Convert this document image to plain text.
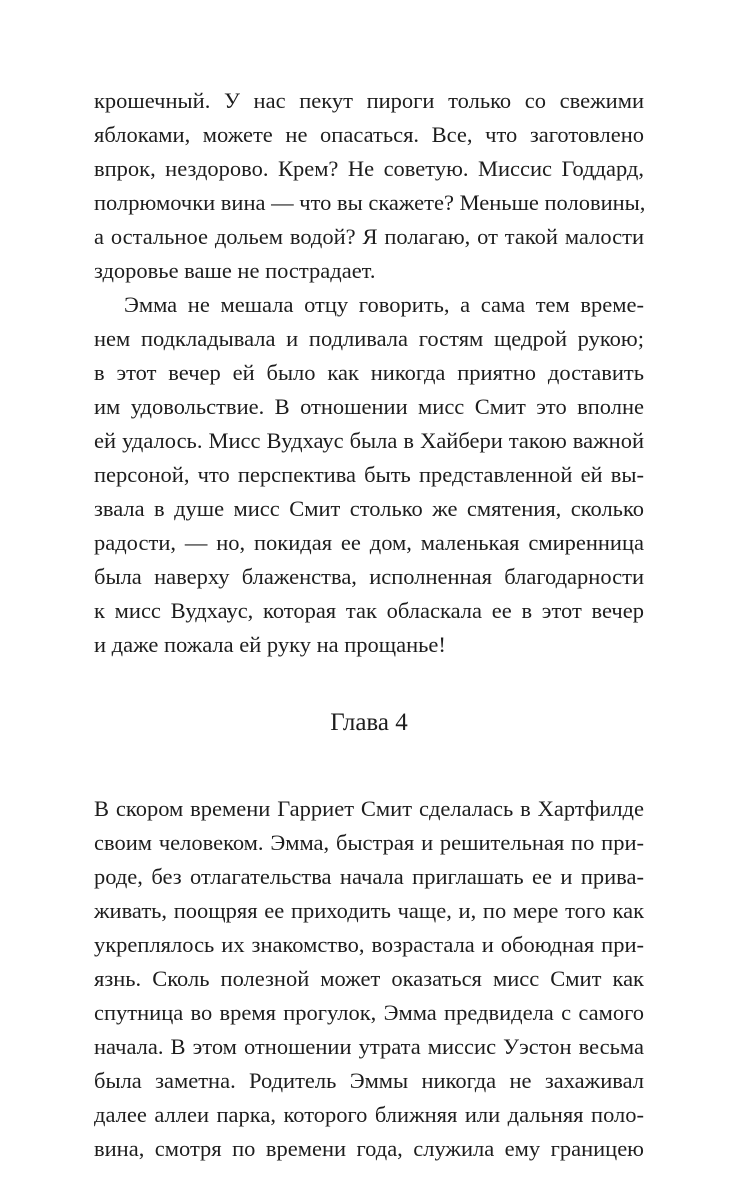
крошечный. У нас пекут пироги только со свежими
яблоками, можете не опасаться. Все, что заготовлено
впрок, нездорово. Крем? Не советую. Миссис Годдард,
полрюмочки вина — что вы скажете? Меньше половины,
а остальное дольем водой? Я полагаю, от такой малости
здоровье ваше не пострадает.
Эмма не мешала отцу говорить, а сама тем време-
нем подкладывала и подливала гостям щедрой рукою;
в этот вечер ей было как никогда приятно доставить
им удовольствие. В отношении мисс Смит это вполне
ей удалось. Мисс Вудхаус была в Хайбери такою важной
персоной, что перспектива быть представленной ей вы-
звала в душе мисс Смит столько же смятения, сколько
радости, — но, покидая ее дом, маленькая смиренница
была наверху блаженства, исполненная благодарности
к мисс Вудхаус, которая так обласкала ее в этот вечер
и даже пожала ей руку на прощанье!
Глава 4
В скором времени Гарриет Смит сделалась в Хартфилде
своим человеком. Эмма, быстрая и решительная по при-
роде, без отлагательства начала приглашать ее и прива-
живать, поощряя ее приходить чаще, и, по мере того как
укреплялось их знакомство, возрастала и обоюдная при-
язнь. Сколь полезной может оказаться мисс Смит как
спутница во время прогулок, Эмма предвидела с самого
начала. В этом отношении утрата миссис Уэстон весьма
была заметна. Родитель Эммы никогда не захаживал
далее аллеи парка, которого ближняя или дальняя поло-
вина, смотря по времени года, служила ему границею
